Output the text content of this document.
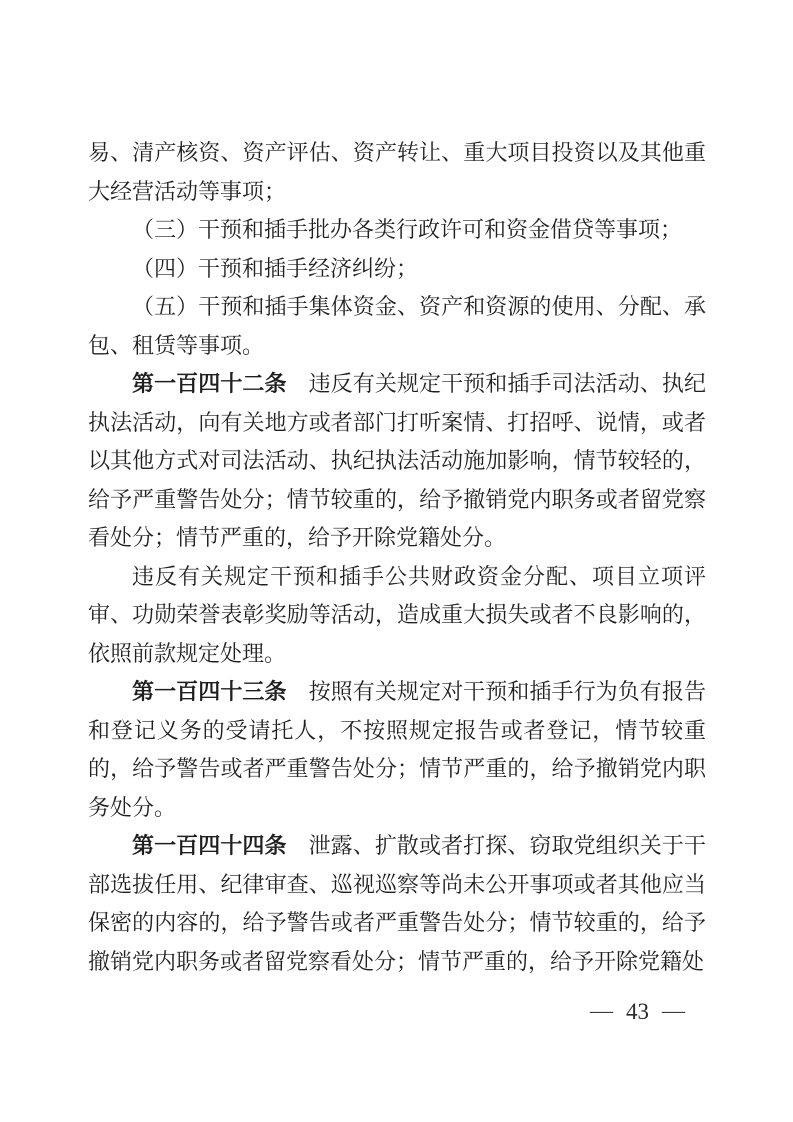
易、清产核资、资产评估、资产转让、重大项目投资以及其他重大经营活动等事项；

（三）干预和插手批办各类行政许可和资金借贷等事项；

（四）干预和插手经济纠纷；

（五）干预和插手集体资金、资产和资源的使用、分配、承包、租赁等事项。

第一百四十二条 违反有关规定干预和插手司法活动、执纪执法活动，向有关地方或者部门打听案情、打招呼、说情，或者以其他方式对司法活动、执纪执法活动施加影响，情节较轻的，给予严重警告处分；情节较重的，给予撤销党内职务或者留党察看处分；情节严重的，给予开除党籍处分。

违反有关规定干预和插手公共财政资金分配、项目立项评审、功勋荣誉表彰奖励等活动，造成重大损失或者不良影响的，依照前款规定处理。

第一百四十三条 按照有关规定对干预和插手行为负有报告和登记义务的受请托人，不按照规定报告或者登记，情节较重的，给予警告或者严重警告处分；情节严重的，给予撤销党内职务处分。

第一百四十四条 泄露、扩散或者打探、窃取党组织关于干部选拔任用、纪律审查、巡视巡察等尚未公开事项或者其他应当保密的内容的，给予警告或者严重警告处分；情节较重的，给予撤销党内职务或者留党察看处分；情节严重的，给予开除党籍处

— 43 —
